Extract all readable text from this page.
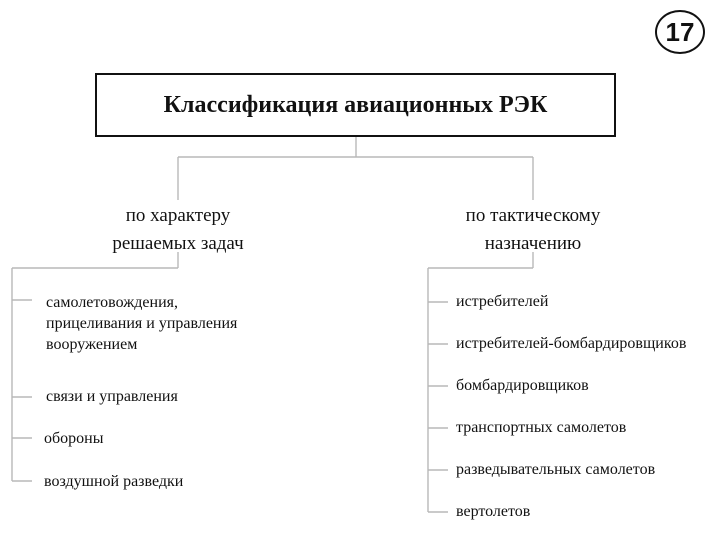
17
Классификация авиационных РЭК
по характеру
решаемых задач
по тактическому
назначению
самолетовождения,
прицеливания и управления
вооружением
связи и управления
обороны
воздушной разведки
истребителей
истребителей-бомбардировщиков
бомбардировщиков
транспортных самолетов
разведывательных самолетов
вертолетов
